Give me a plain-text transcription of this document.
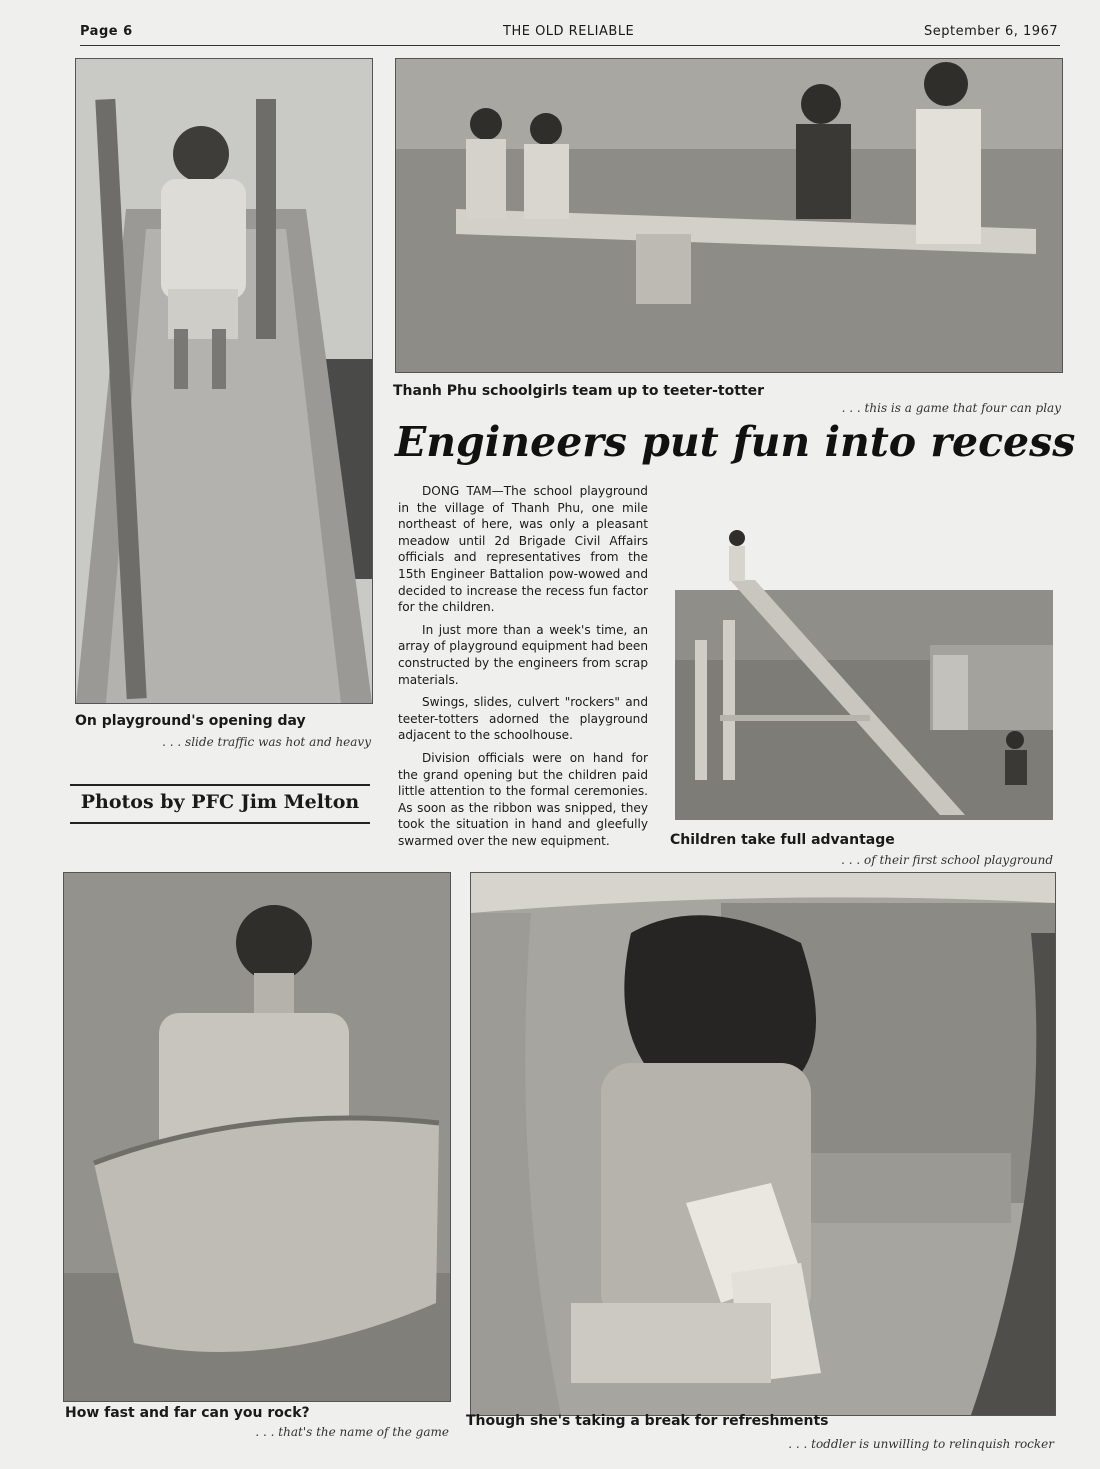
Page 6	THE OLD RELIABLE	September 6, 1967
On playground's opening day
. . . slide traffic was hot and heavy
Photos by PFC Jim Melton
Thanh Phu schoolgirls team up to teeter-totter
. . . this is a game that four can play
Engineers put fun into recess

DONG TAM—The school playground in the village of Thanh Phu, one mile northeast of here, was only a pleasant meadow until 2d Brigade Civil Affairs officials and representatives from the 15th Engineer Battalion pow-wowed and decided to increase the recess fun factor for the children.

In just more than a week's time, an array of playground equipment had been constructed by the engineers from scrap materials.

Swings, slides, culvert "rockers" and teeter-totters adorned the playground adjacent to the schoolhouse.

Division officials were on hand for the grand opening but the children paid little attention to the formal ceremonies. As soon as the ribbon was snipped, they took the situation in hand and gleefully swarmed over the new equipment.	Children take full advantage
. . . of their first school playground
How fast and far can you rock?
. . . that's the name of the game
Though she's taking a break for refreshments
. . . toddler is unwilling to relinquish rocker
